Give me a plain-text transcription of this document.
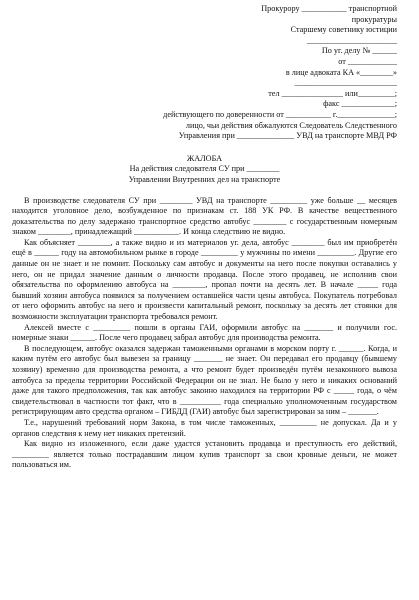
Прокурору ___________ транспортной
прокуратуры
Старшему советнику юстиции
______________________
По уг. делу № ______
от ____________
в лице адвоката КА «________»
_________________________
тел _______________ или_________;
факс _____________;
действующего по доверенности от ___________ г.______________;
лицо, чьи действия обжалуются Следователь Следственного
Управления при ______________ УВД на транспорте МВД РФ
ЖАЛОБА
На действия следователя СУ при ________
Управлении Внутренних дел на транспорте

В производстве следователя СУ при ________ УВД на транспорте _________ уже больше __ месяцев находится уголовное дело, возбужденное по признакам ст. 188 УК РФ. В качестве вещественного доказательства по делу задержано транспортное средство автобус ________ с государственным номерным знаком ________, принадлежащий ___________. И конца следствию не видно.

Как объясняет ________, а также видно и из материалов уг. дела, автобус ________ был им приобретён ещё в ______ году на автомобильном рынке в городе _________ у мужчины по имени _________. Другие его данные он не знает и не помнит. Поскольку сам автобус и документы на него после покупки оставались у него, он не придал значение данным о личности продавца. После этого продавец, не исполнив свои обязательства по оформлению автобуса на ________, пропал почти на десять лет. В начале _____ года бывший хозяин автобуса появился за получением оставшейся части цены автобуса. Покупатель потребовал от него оформить автобус на него и произвести капитальный ремонт, поскольку за десять лет стоянки для возможности эксплуатации транспорта требовался ремонт.

Алексей вместе с _________ пошли в органы ГАИ, оформили автобус на _______ и получили гос. номерные знаки ______. После чего продавец забрал автобус для производства ремонта.

В последующем, автобус оказался задержан таможенными органами в морском порту г. ______. Когда, и каким путём его автобус был вывезен за границу _______ не знает. Он передавал его продавцу (бывшему хозяину) временно для производства ремонта, а что ремонт будет произведён путём незаконного вывоза автобуса за пределы территории Российской Федерации он не знал. Не было у него и никаких оснований даже для такого предположения, так как автобус законно находился на территории РФ с _____ года, о чём свидетельствовал в частности тот факт, что в __________ года специально уполномоченным государством регистрирующим авто средства органом – ГИБДД (ГАИ) автобус был зарегистрирован за ним – _______.

Т.е., нарушений требований норм Закона, в том числе таможенных, _________ не допускал. Да и у органов следствия к нему нет никаких претензий.

Как видно из изложенного, если даже удастся установить продавца и преступность его действий, _________ является только пострадавшим лицом купив транспорт за свои кровные деньги, не может пользоваться им.
